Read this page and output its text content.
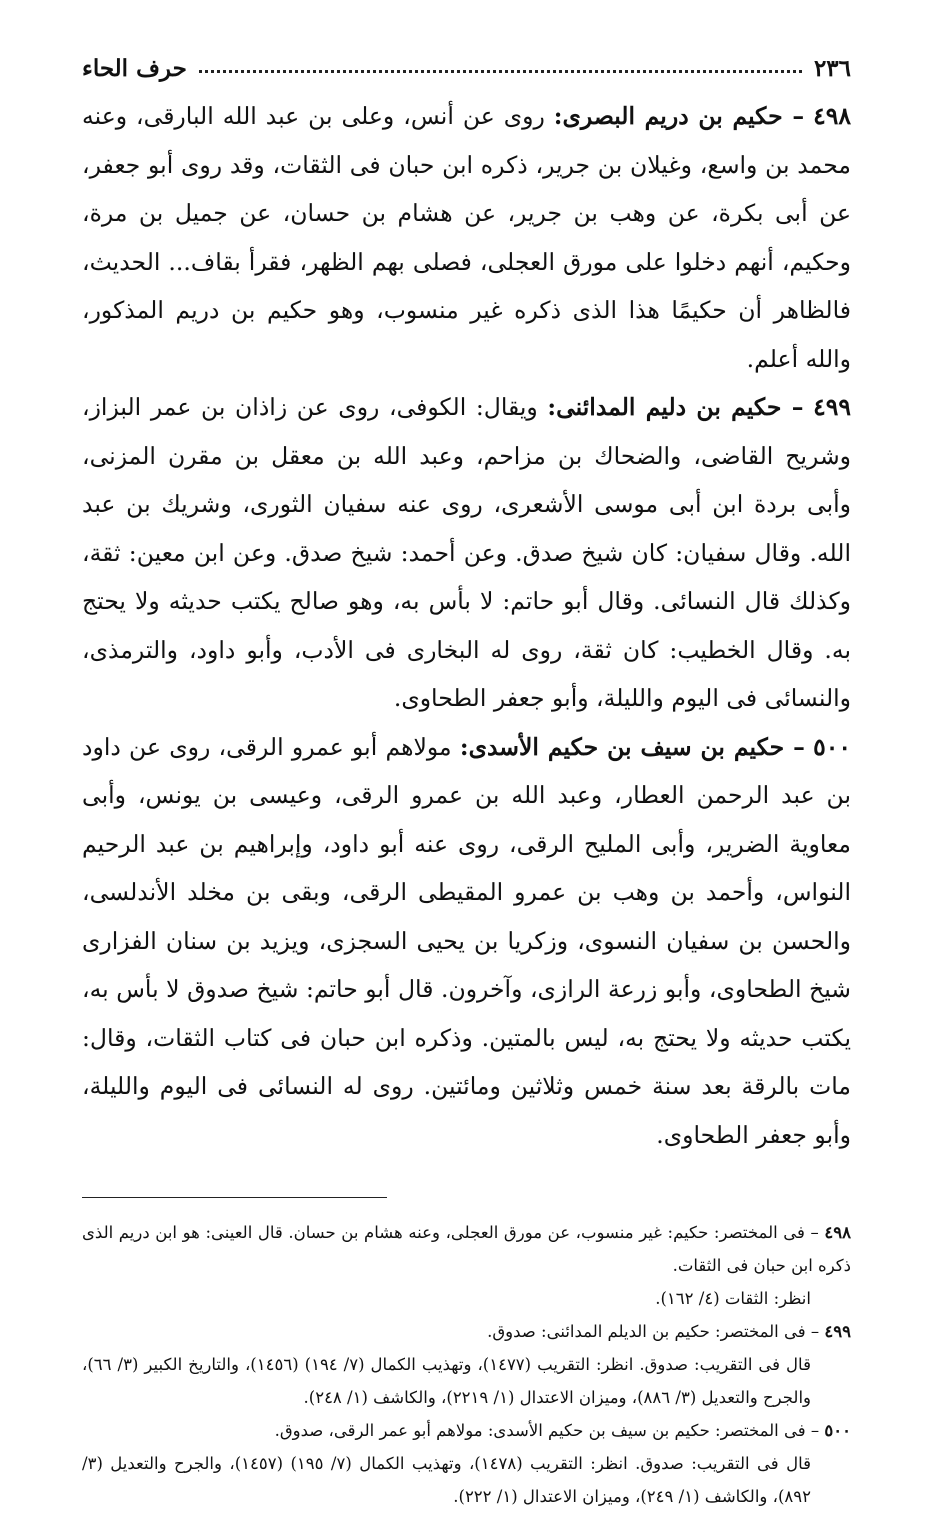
٢٣٦
حرف الحاء

٤٩٨ – حكيم بن دريم البصرى: روى عن أنس، وعلى بن عبد الله البارقى، وعنه محمد بن واسع، وغيلان بن جرير، ذكره ابن حبان فى الثقات، وقد روى أبو جعفر، عن أبى بكرة، عن وهب بن جرير، عن هشام بن حسان، عن جميل بن مرة، وحكيم، أنهم دخلوا على مورق العجلى، فصلى بهم الظهر، فقرأ بقاف... الحديث، فالظاهر أن حكيمًا هذا الذى ذكره غير منسوب، وهو حكيم بن دريم المذكور، والله أعلم.

٤٩٩ – حكيم بن دليم المدائنى: ويقال: الكوفى، روى عن زاذان بن عمر البزاز، وشريح القاضى، والضحاك بن مزاحم، وعبد الله بن معقل بن مقرن المزنى، وأبى بردة ابن أبى موسى الأشعرى، روى عنه سفيان الثورى، وشريك بن عبد الله. وقال سفيان: كان شيخ صدق. وعن أحمد: شيخ صدق. وعن ابن معين: ثقة، وكذلك قال النسائى. وقال أبو حاتم: لا بأس به، وهو صالح يكتب حديثه ولا يحتج به. وقال الخطيب: كان ثقة، روى له البخارى فى الأدب، وأبو داود، والترمذى، والنسائى فى اليوم والليلة، وأبو جعفر الطحاوى.

٥٠٠ – حكيم بن سيف بن حكيم الأسدى: مولاهم أبو عمرو الرقى، روى عن داود بن عبد الرحمن العطار، وعبد الله بن عمرو الرقى، وعيسى بن يونس، وأبى معاوية الضرير، وأبى المليح الرقى، روى عنه أبو داود، وإبراهيم بن عبد الرحيم النواس، وأحمد بن وهب بن عمرو المقيطى الرقى، وبقى بن مخلد الأندلسى، والحسن بن سفيان النسوى، وزكريا بن يحيى السجزى، ويزيد بن سنان الفزارى شيخ الطحاوى، وأبو زرعة الرازى، وآخرون. قال أبو حاتم: شيخ صدوق لا بأس به، يكتب حديثه ولا يحتج به، ليس بالمتين. وذكره ابن حبان فى كتاب الثقات، وقال: مات بالرقة بعد سنة خمس وثلاثين ومائتين. روى له النسائى فى اليوم والليلة، وأبو جعفر الطحاوى.

٤٩٨ – فى المختصر: حكيم: غير منسوب، عن مورق العجلى، وعنه هشام بن حسان. قال العينى: هو ابن دريم الذى ذكره ابن حبان فى الثقات.

انظر: الثقات (٤/ ١٦٢).

٤٩٩ – فى المختصر: حكيم بن الديلم المدائنى: صدوق.

قال فى التقريب: صدوق. انظر: التقريب (١٤٧٧)، وتهذيب الكمال (٧/ ١٩٤) (١٤٥٦)، والتاريخ الكبير (٣/ ٦٦)، والجرح والتعديل (٣/ ٨٨٦)، وميزان الاعتدال (١/ ٢٢١٩)، والكاشف (١/ ٢٤٨).

٥٠٠ – فى المختصر: حكيم بن سيف بن حكيم الأسدى: مولاهم أبو عمر الرقى، صدوق.

قال فى التقريب: صدوق. انظر: التقريب (١٤٧٨)، وتهذيب الكمال (٧/ ١٩٥) (١٤٥٧)، والجرح والتعديل (٣/ ٨٩٢)، والكاشف (١/ ٢٤٩)، وميزان الاعتدال (١/ ٢٢٢).
